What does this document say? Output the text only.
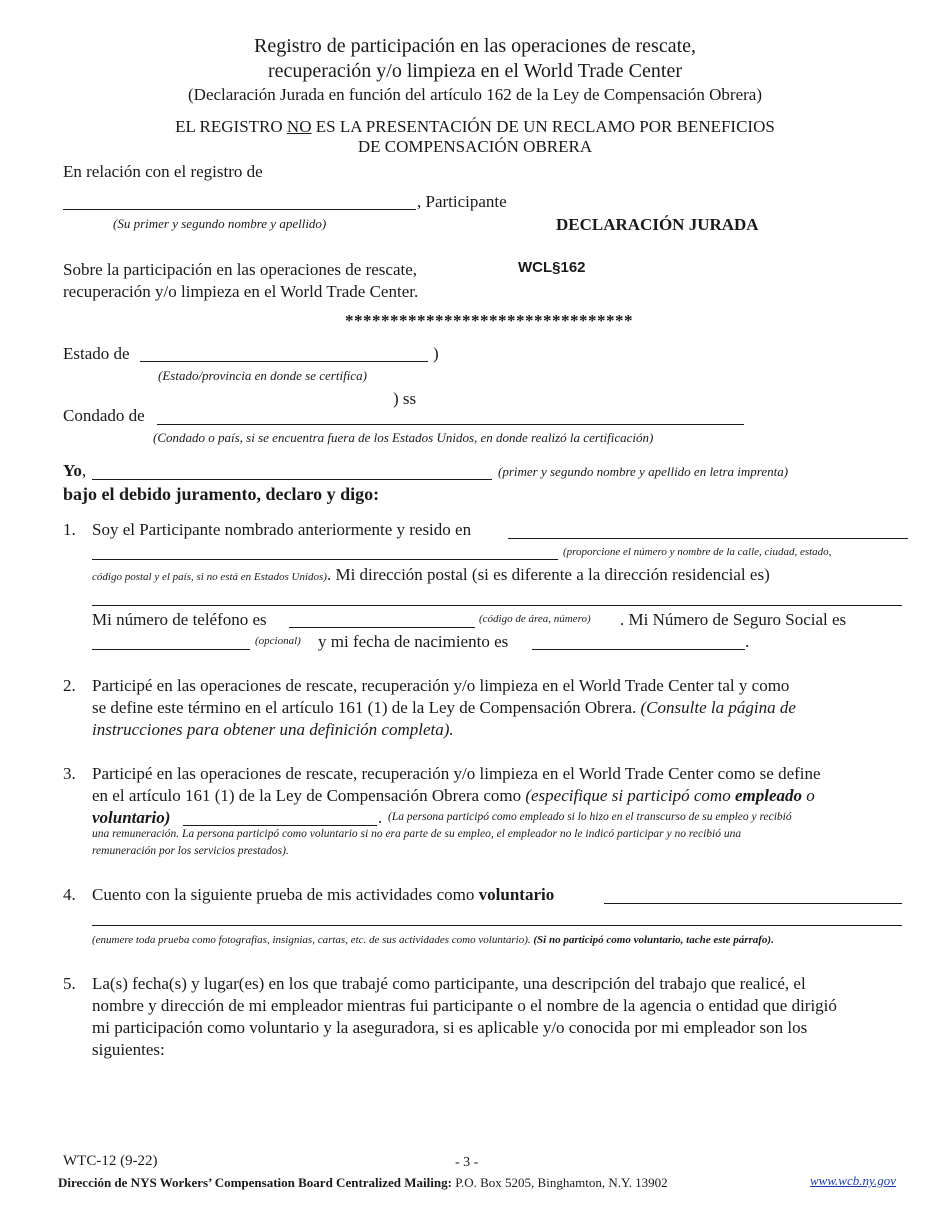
Registro de participación en las operaciones de rescate,
recuperación y/o limpieza en el World Trade Center
(Declaración Jurada en función del artículo 162 de la Ley de Compensación Obrera)
EL REGISTRO NO ES LA PRESENTACIÓN DE UN RECLAMO POR BENEFICIOS
DE COMPENSACIÓN OBRERA
En relación con el registro de
, Participante
(Su primer y segundo nombre y apellido)	DECLARACIÓN JURADA
WCL§162
Sobre la participación en las operaciones de rescate,
recuperación y/o limpieza en el World Trade Center.
********************************
Estado de	)
(Estado/provincia en donde se certifica)
) ss
Condado de
(Condado o país, si se encuentra fuera de los Estados Unidos, en donde realizó la certificación)
Yo,	(primer y segundo nombre y apellido en letra imprenta)
bajo el debido juramento, declaro y digo:
1. Soy el Participante nombrado anteriormente y resido en
(proporcione el número y nombre de la calle, ciudad, estado,
código postal y el país, si no está en Estados Unidos). Mi dirección postal (si es diferente a la dirección residencial es)
Mi número de teléfono es	(código de área, número) . Mi Número de Seguro Social es
(opcional) y mi fecha de nacimiento es	.
2. Participé en las operaciones de rescate, recuperación y/o limpieza en el World Trade Center tal y como
se define este término en el artículo 161 (1) de la Ley de Compensación Obrera. (Consulte la página de
instrucciones para obtener una definición completa).
3. Participé en las operaciones de rescate, recuperación y/o limpieza en el World Trade Center como se define
en el artículo 161 (1) de la Ley de Compensación Obrera como (especifique si participó como empleado o
voluntario)	. (La persona participó como empleado si lo hizo en el transcurso de su empleo y recibió
una remuneración. La persona participó como voluntario si no era parte de su empleo, el empleador no le indicó participar y no recibió una
remuneración por los servicios prestados).
4. Cuento con la siguiente prueba de mis actividades como voluntario
(enumere toda prueba como fotografías, insignias, cartas, etc. de sus actividades como voluntario). (Si no participó como voluntario, tache este párrafo).
5. La(s) fecha(s) y lugar(es) en los que trabajé como participante, una descripción del trabajo que realicé, el
nombre y dirección de mi empleador mientras fui participante o el nombre de la agencia o entidad que dirigió
mi participación como voluntario y la aseguradora, si es aplicable y/o conocida por mi empleador son los
siguientes:
WTC-12 (9-22)	- 3 -
Dirección de NYS Workers’ Compensation Board Centralized Mailing: P.O. Box 5205, Binghamton, N.Y. 13902	www.wcb.ny.gov
